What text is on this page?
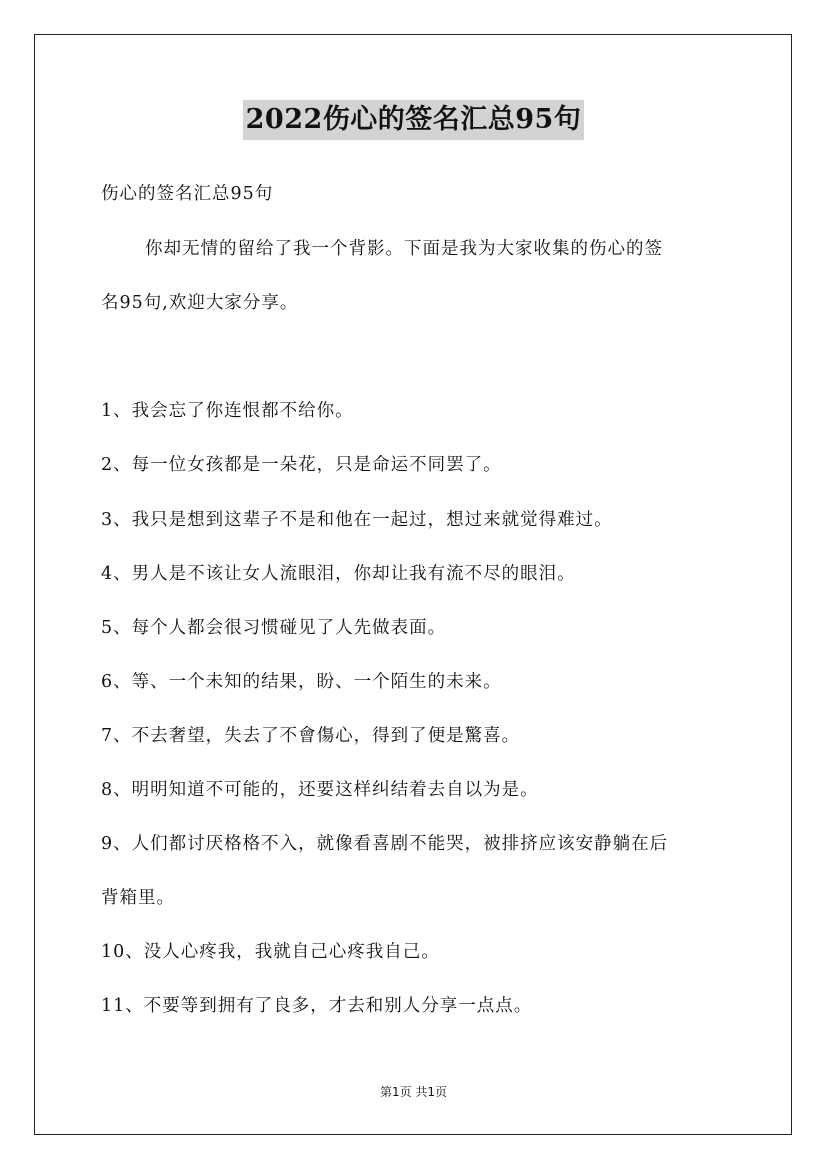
2022伤心的签名汇总95句
伤心的签名汇总95句
你却无情的留给了我一个背影。下面是我为大家收集的伤心的签
名95句,欢迎大家分享。
1、我会忘了你连恨都不给你。
2、每一位女孩都是一朵花，只是命运不同罢了。
3、我只是想到这辈子不是和他在一起过，想过来就觉得难过。
4、男人是不该让女人流眼泪，你却让我有流不尽的眼泪。
5、每个人都会很习惯碰见了人先做表面。
6、等、一个未知的结果，盼、一个陌生的未来。
7、不去奢望，失去了不會傷心，得到了便是驚喜。
8、明明知道不可能的，还要这样纠结着去自以为是。
9、人们都讨厌格格不入，就像看喜剧不能哭，被排挤应该安静躺在后
背箱里。
10、没人心疼我，我就自己心疼我自己。
11、不要等到拥有了良多，才去和别人分享一点点。
第1页 共1页
